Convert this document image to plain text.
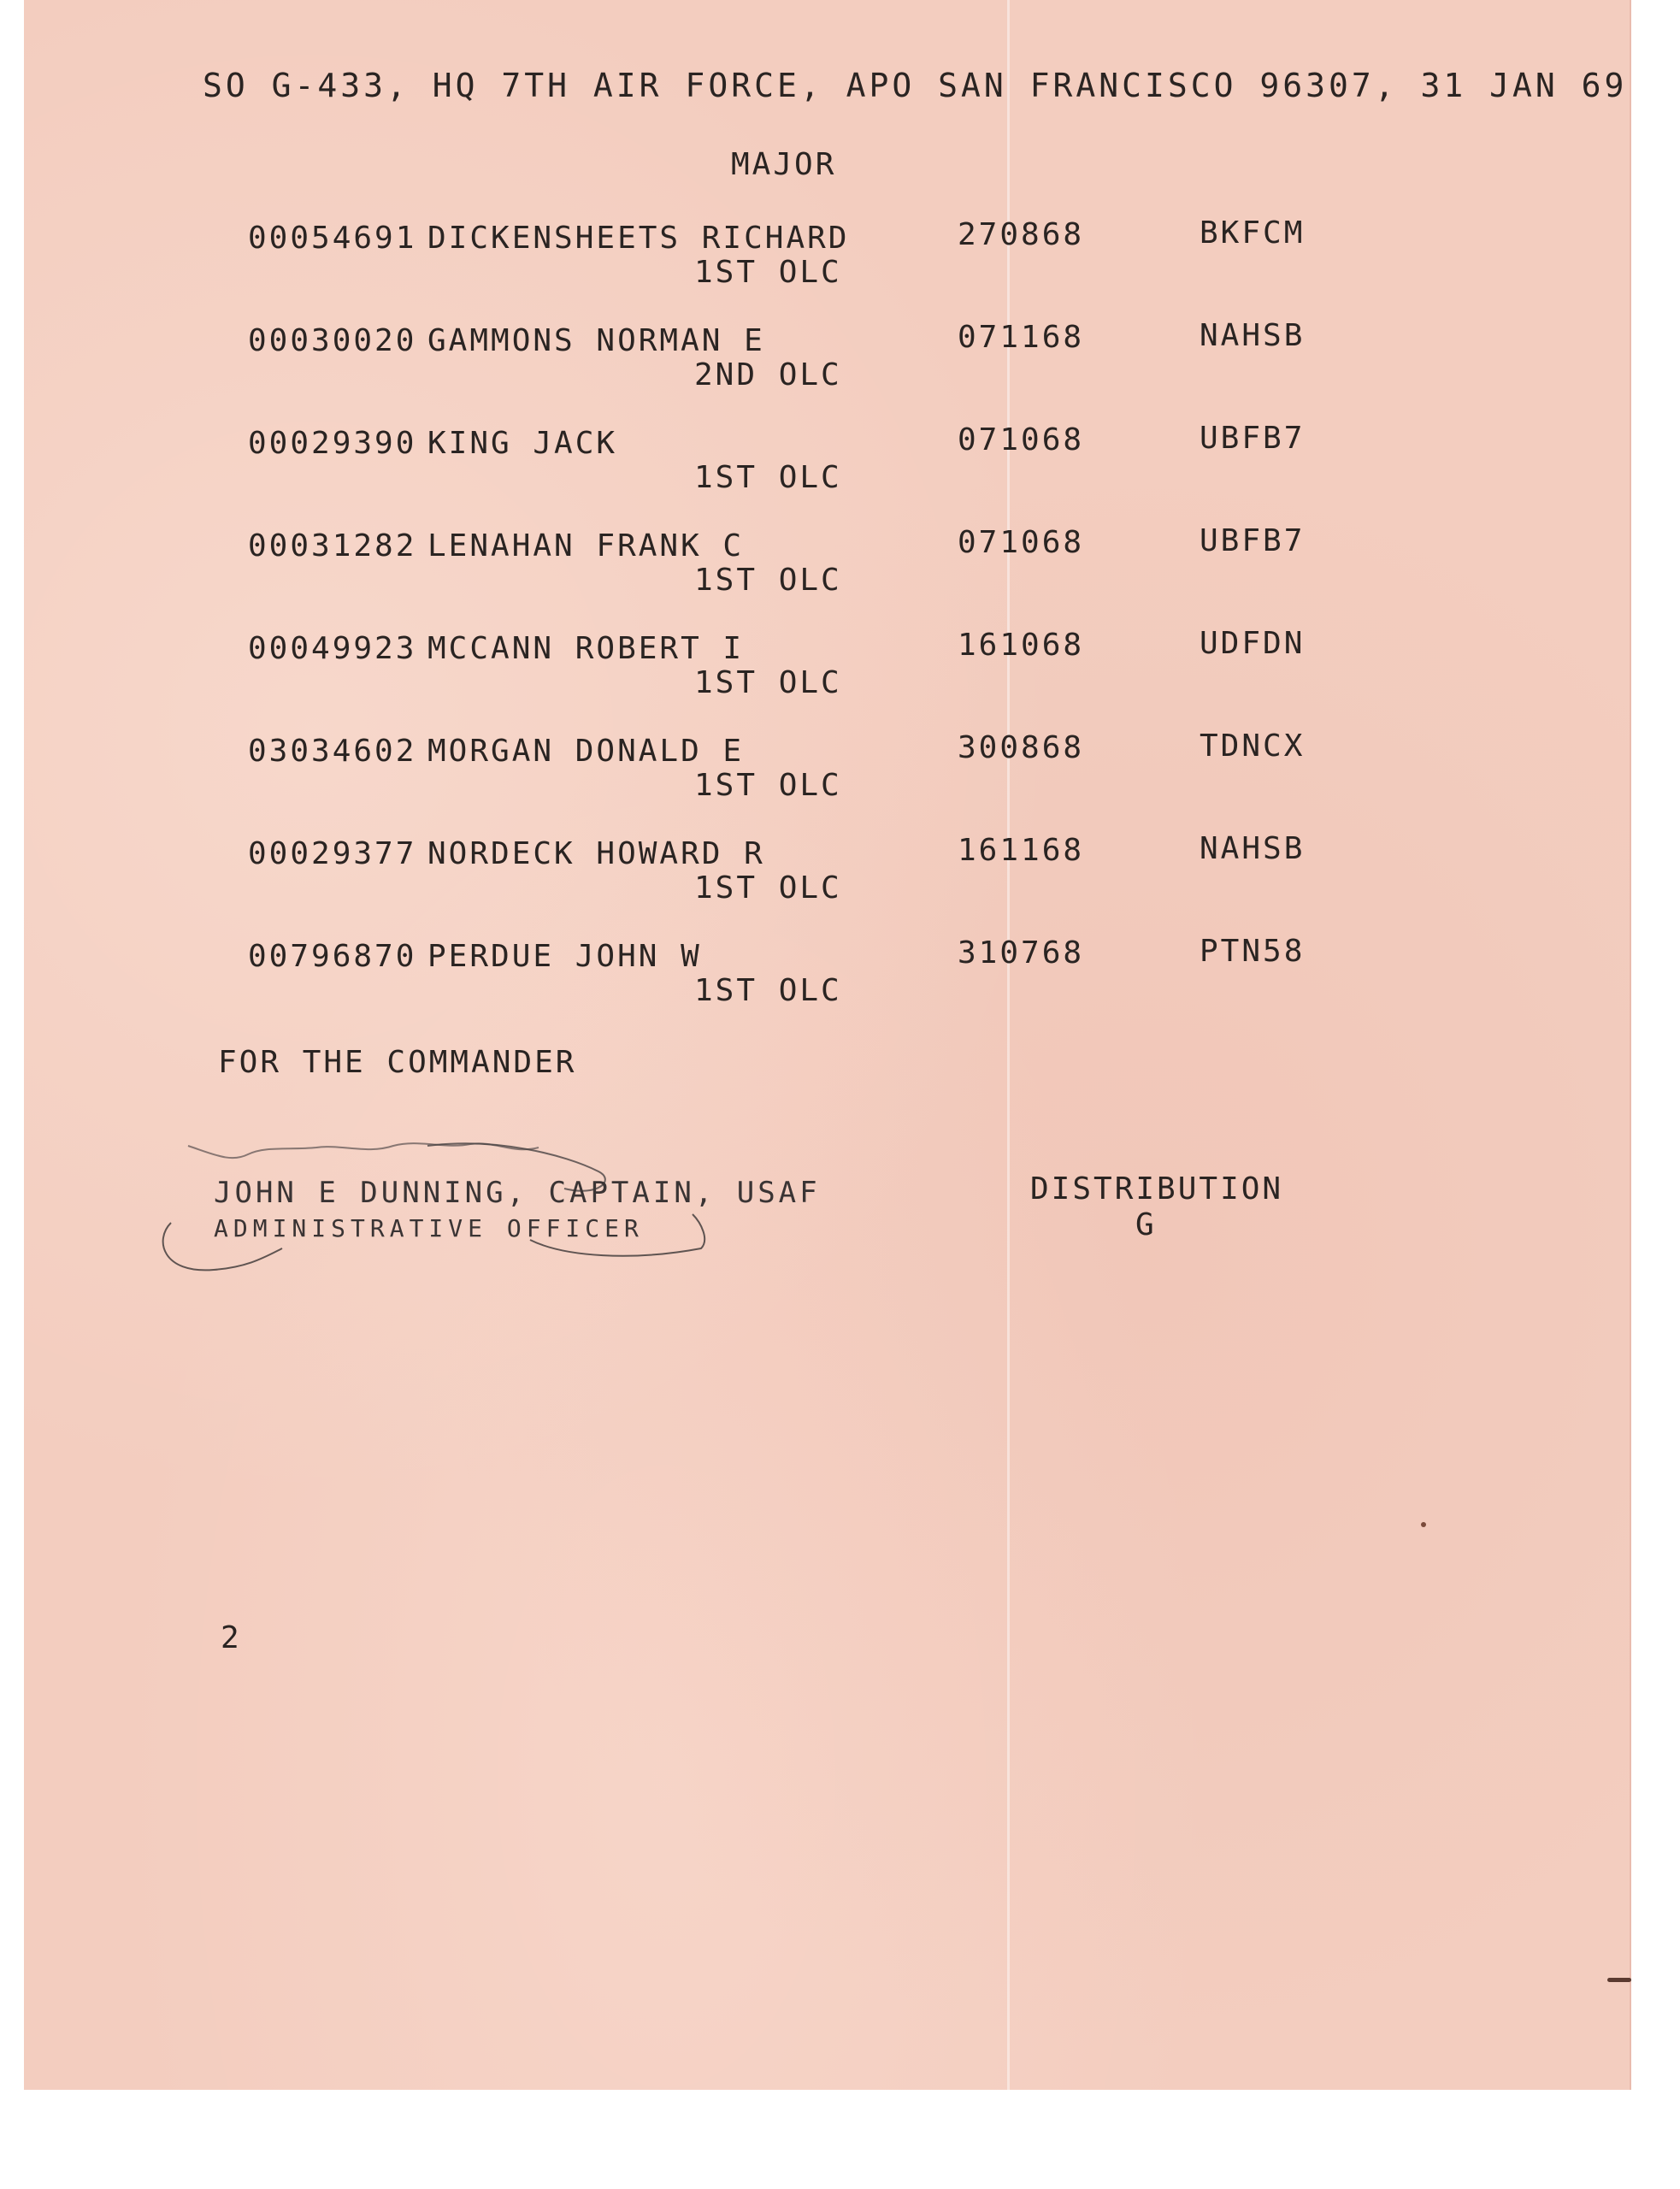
SO G-433, HQ 7TH AIR FORCE, APO SAN FRANCISCO 96307, 31 JAN 69
MAJOR
00054691 DICKENSHEETS RICHARD
1ST OLC
270868	BKFCM
00030020 GAMMONS NORMAN E
2ND OLC
071168	NAHSB
00029390 KING JACK
1ST OLC
071068	UBFB7
00031282 LENAHAN FRANK C
1ST OLC
071068	UBFB7
00049923 MCCANN ROBERT I
1ST OLC
161068	UDFDN
03034602 MORGAN DONALD E
1ST OLC
300868	TDNCX
00029377 NORDECK HOWARD R
1ST OLC
161168	NAHSB
00796870 PERDUE JOHN W
1ST OLC
310768	PTN58
FOR THE COMMANDER
JOHN E DUNNING, CAPTAIN, USAF
ADMINISTRATIVE OFFICER
DISTRIBUTION
G
2
